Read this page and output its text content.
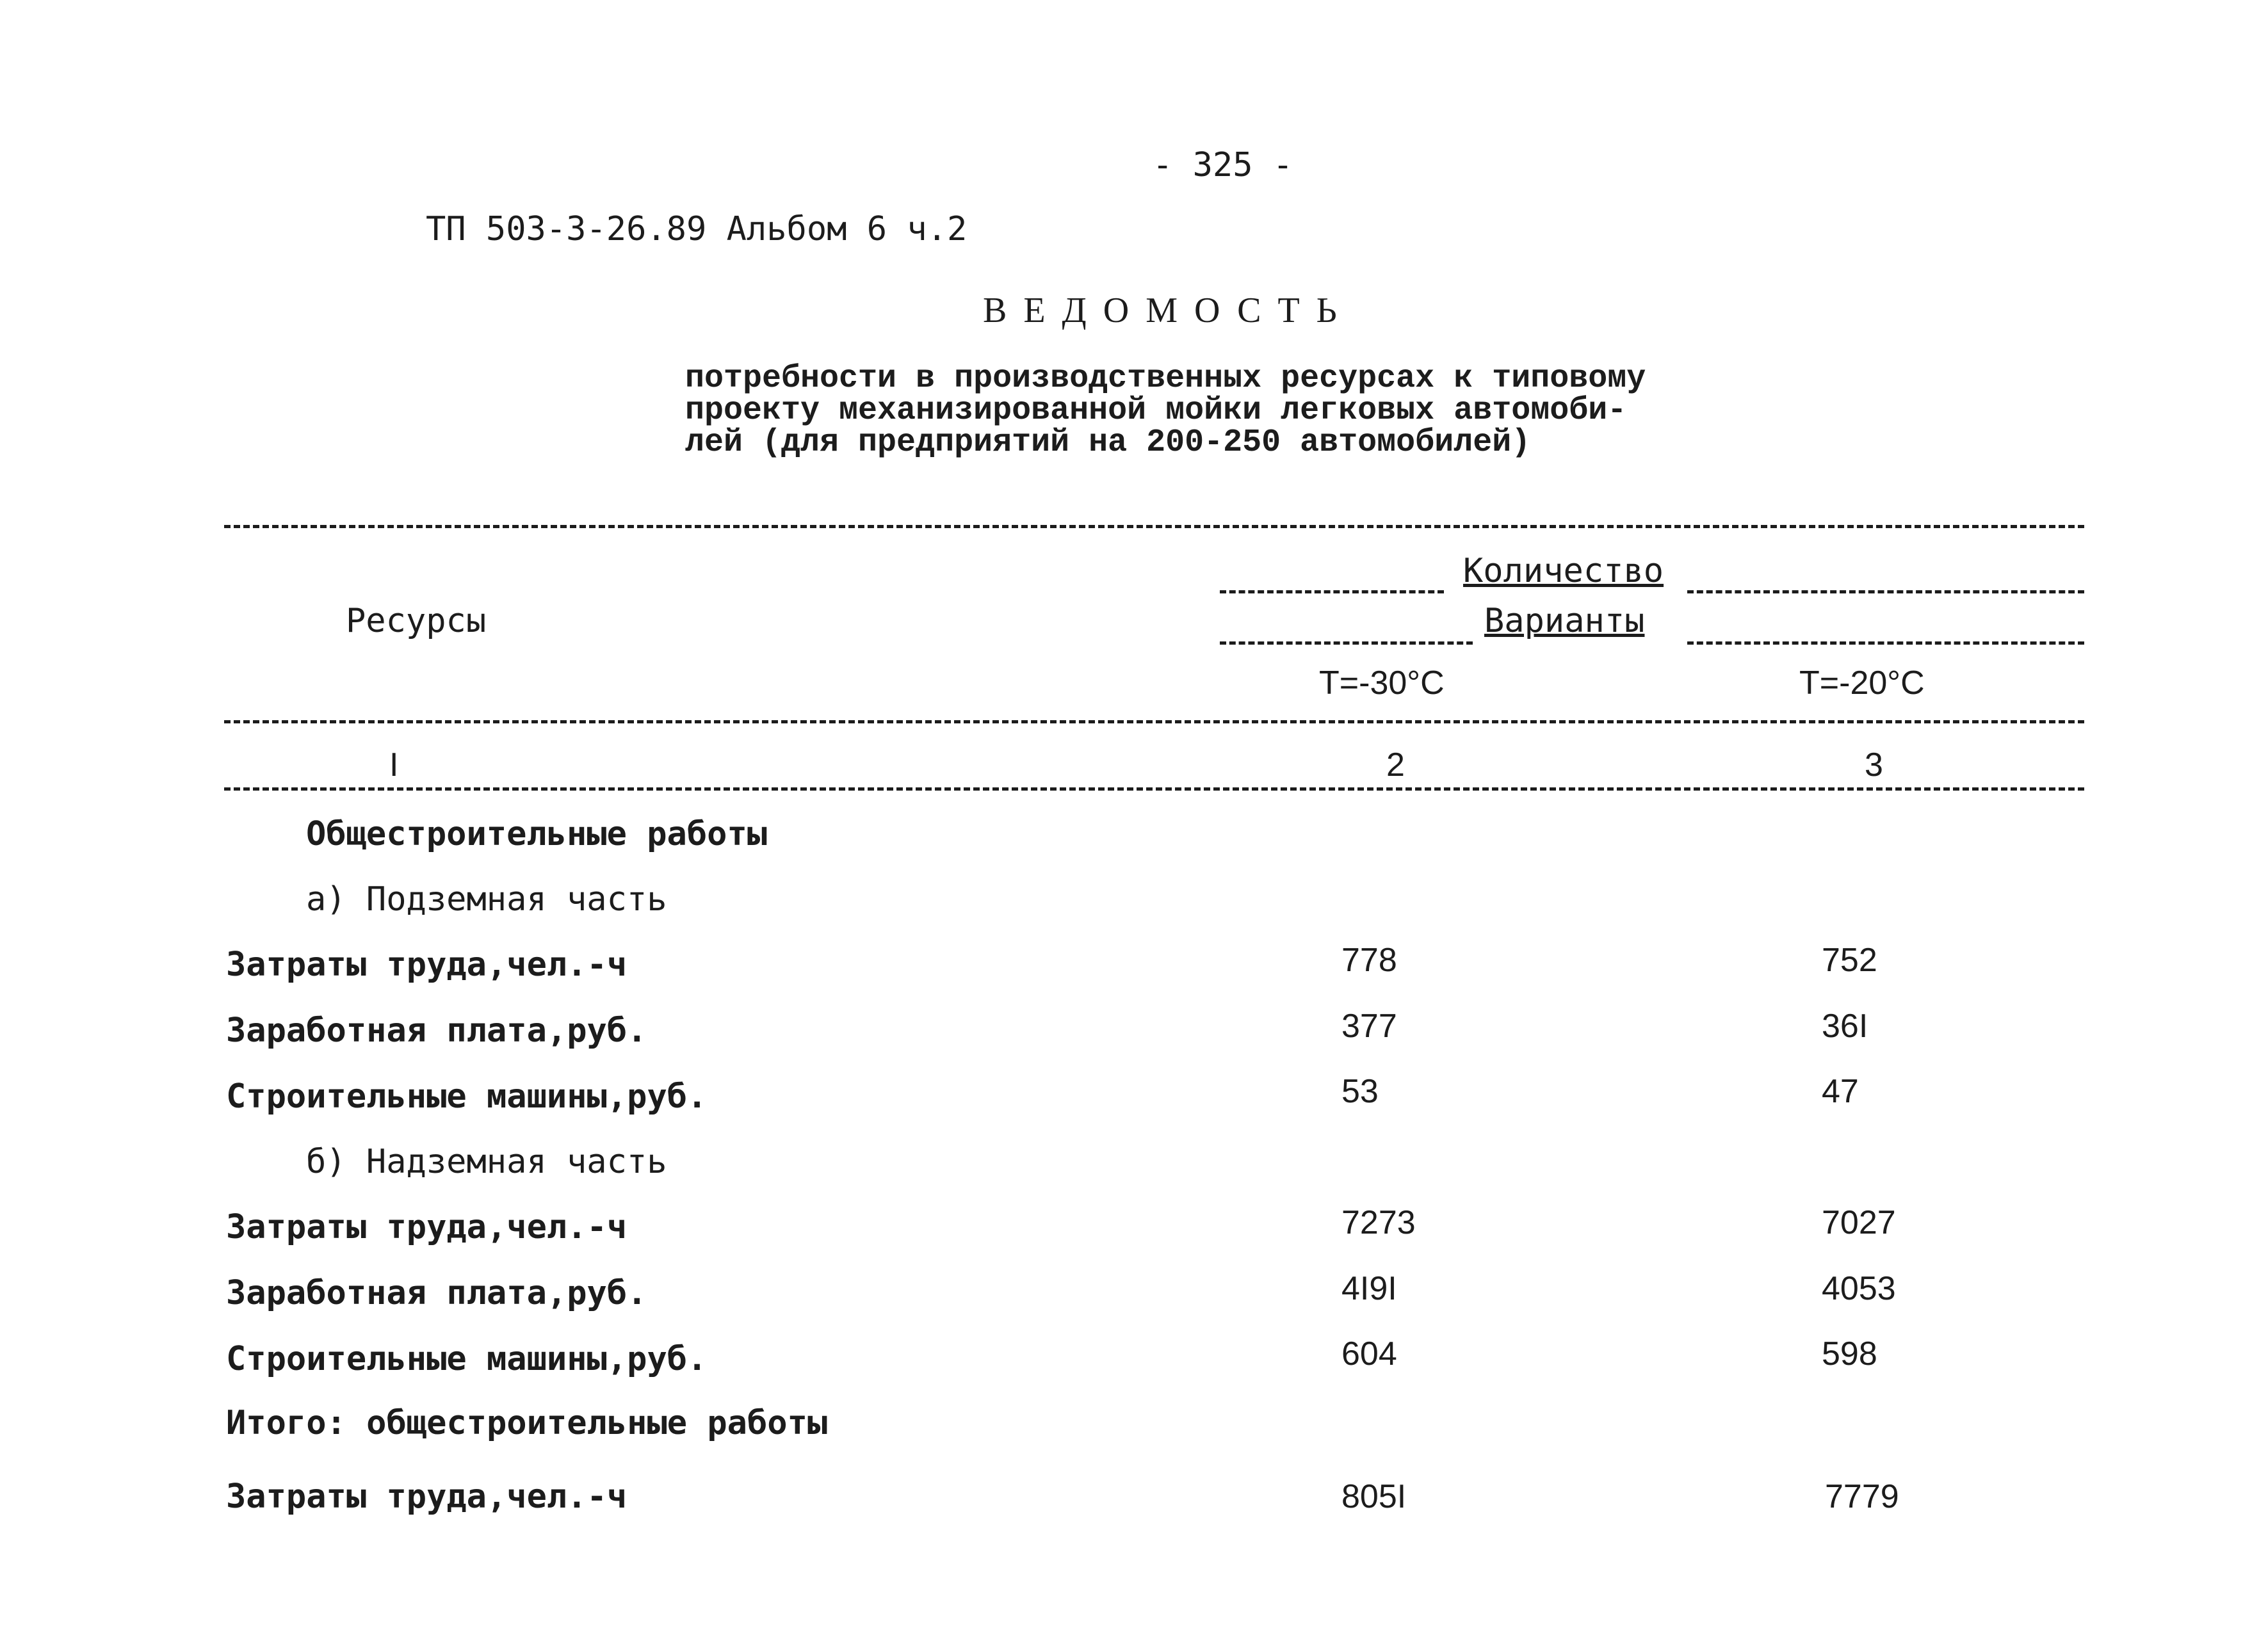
- 325 -
ТП 503-3-26.89 Альбом 6 ч.2
ВЕДОМОСТЬ
потребности в производственных ресурсах к типовому
проекту механизированной мойки легковых автомоби-
лей (для предприятий на 200-250 автомобилей)
Ресурсы
Количество
Варианты
Т=-30°С	Т=-20°С
I	2	3
Общестроительные работы
а) Подземная часть
Затраты труда,чел.-ч	778	752
Заработная плата,руб.	377	36I
Строительные машины,руб.	53	47
б) Надземная часть
Затраты труда,чел.-ч	7273	7027
Заработная плата,руб.	4I9I	4053
Строительные машины,руб.	604	598
Итого: общестроительные работы
Затраты труда,чел.-ч	805I	7779
